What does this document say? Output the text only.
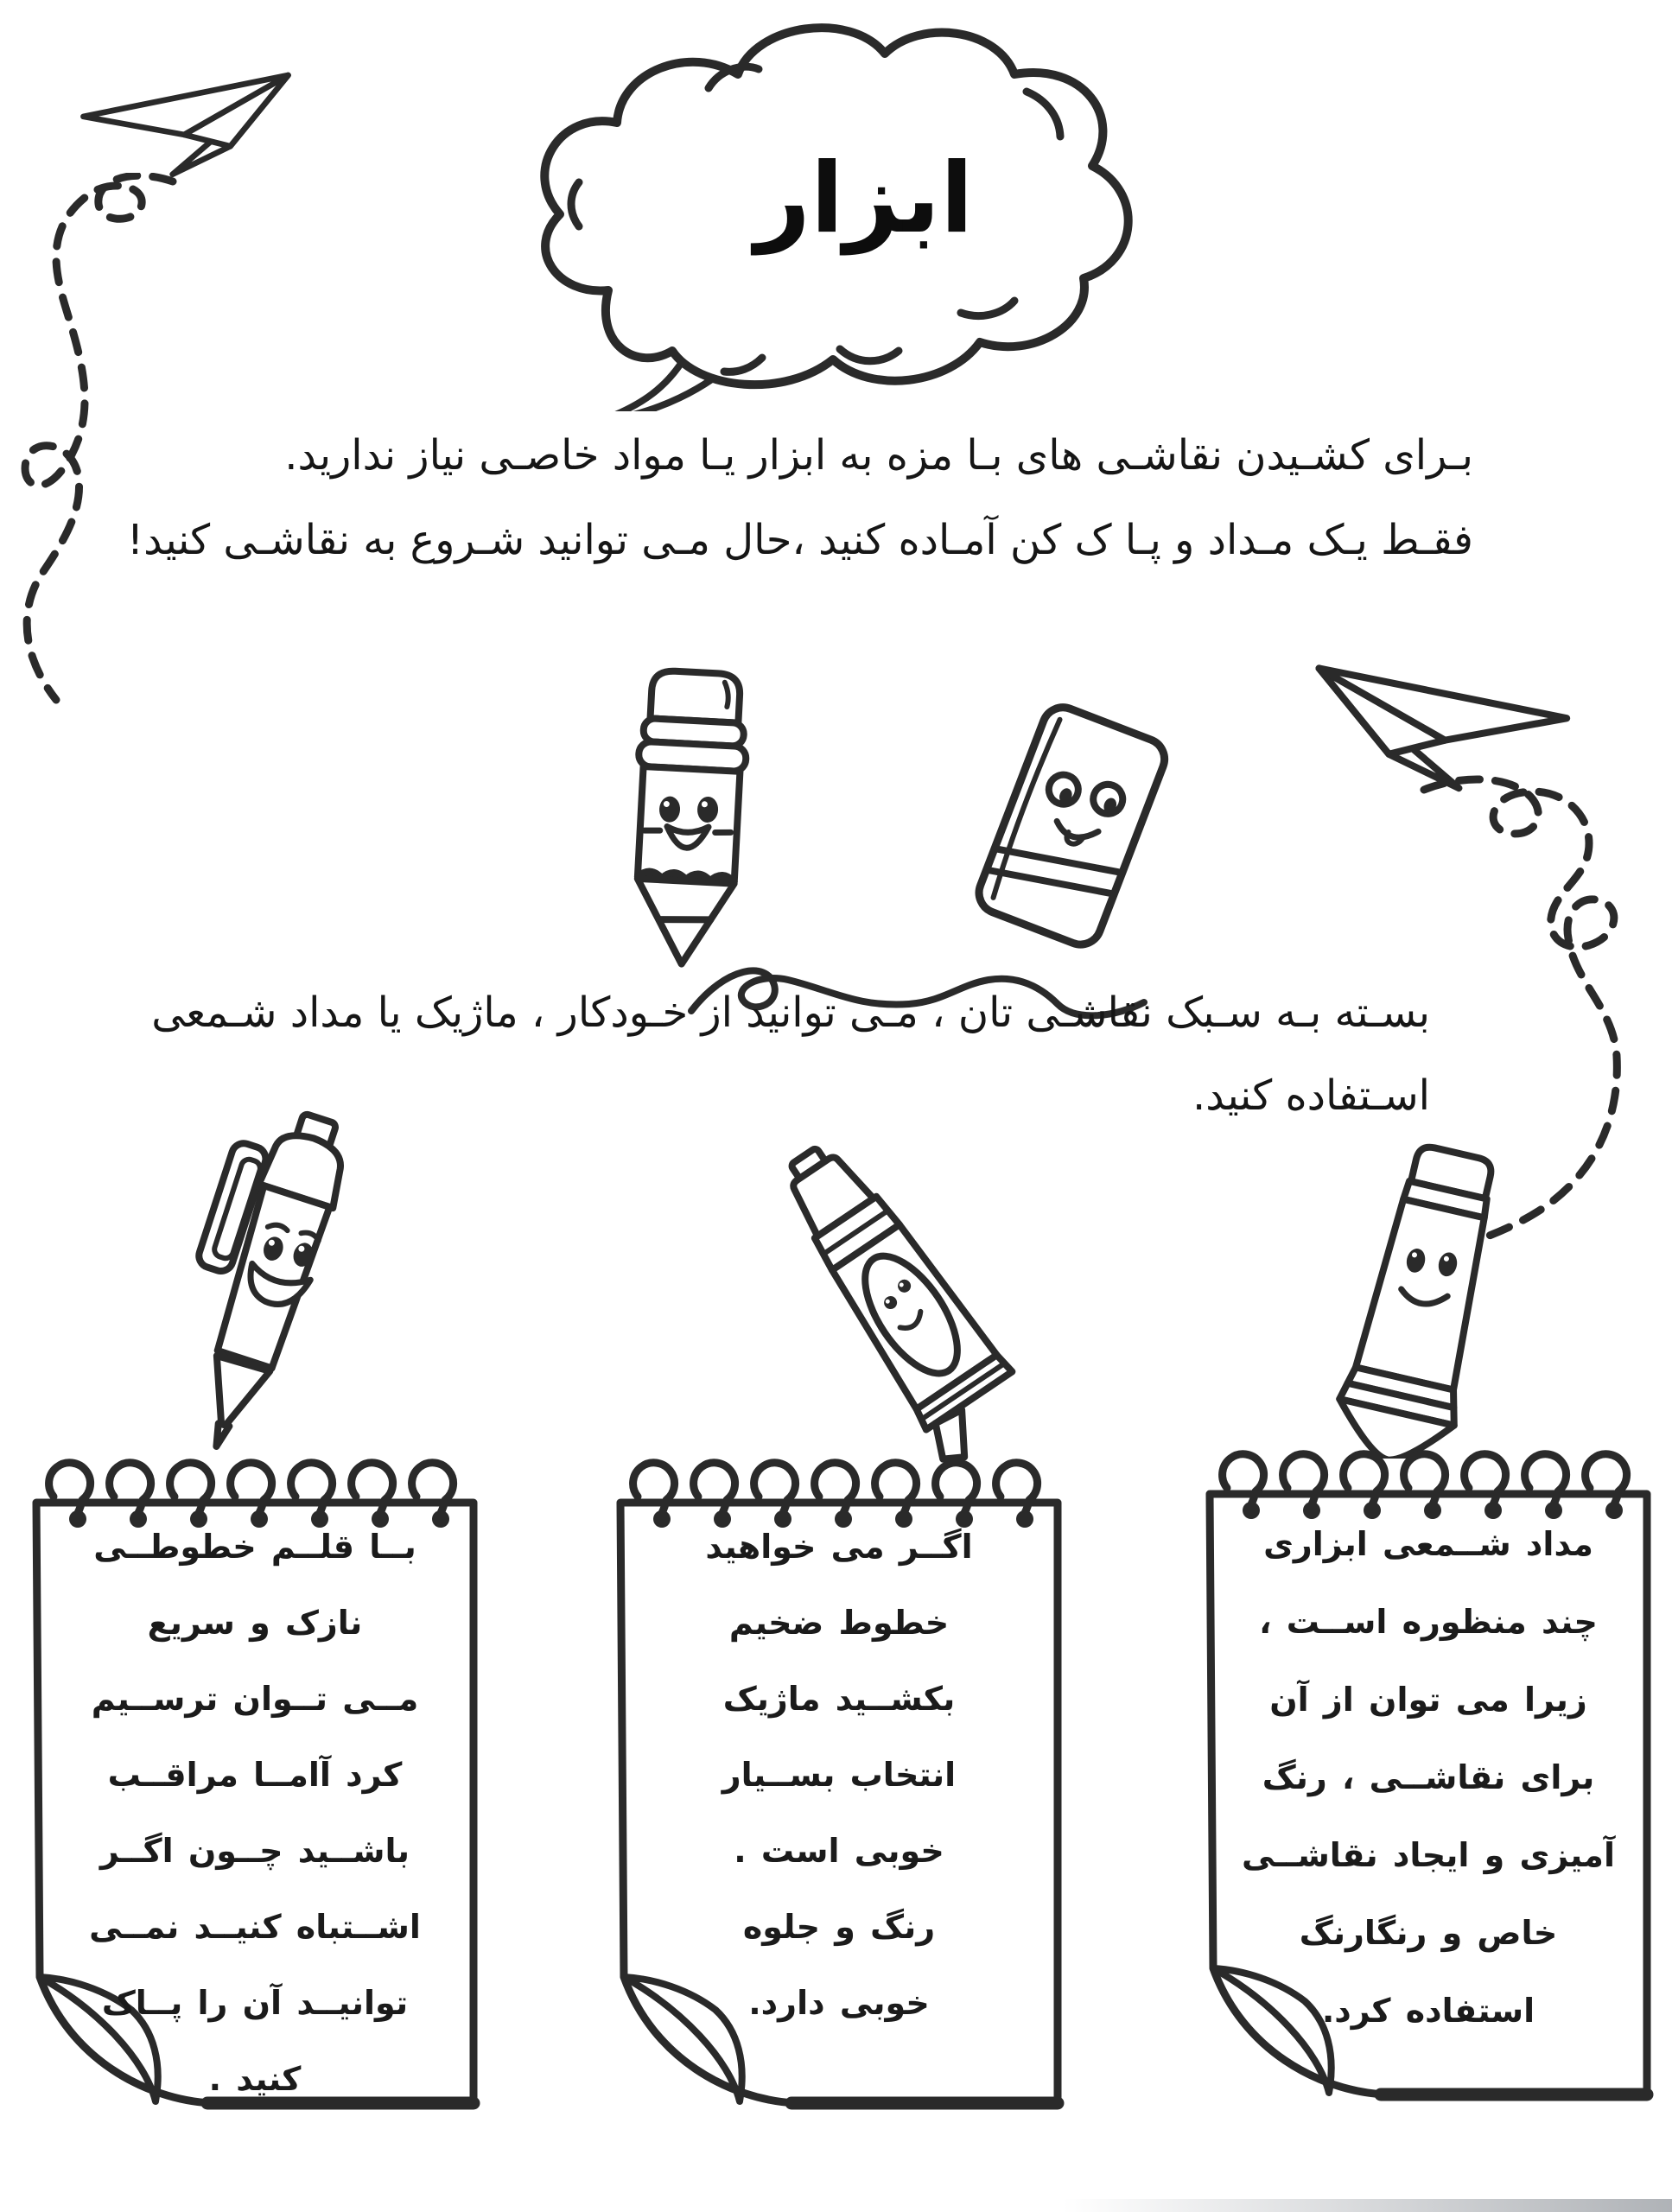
ابزار
بـرای کشـیدن نقاشـی های بـا مزه به ابزار یـا مواد خاصـی نیاز ندارید.
فقـط یـک مـداد و پـا ک کن آمـاده کنید ،حال مـی توانید شـروع به نقاشـی کنید!
بسـته بـه سـبک نقاشـی تان ، مـی توانید از خـودکار ، ماژیک یا مداد شـمعی
اسـتفاده کنید.
بــا قلــم خطوطــی
نازک و سریع
مــی تــوان ترســیم
کرد آامــا مراقــب
باشــید چــون اگــر
اشــتباه کنیــد نمــی
توانیــد آن را پــاک
کنید .
اگــر می خواهید
خطوط ضخیم
بکشــید ماژیک
انتخاب بســیار
خوبی است .
رنگ و جلوه
خوبی دارد.
مداد شــمعی ابزاری
چند منظوره اســت ،
زیرا می توان از آن
برای نقاشــی ، رنگ
آمیزی و ایجاد نقاشــی
خاص و رنگارنگ
استفاده کرد.
